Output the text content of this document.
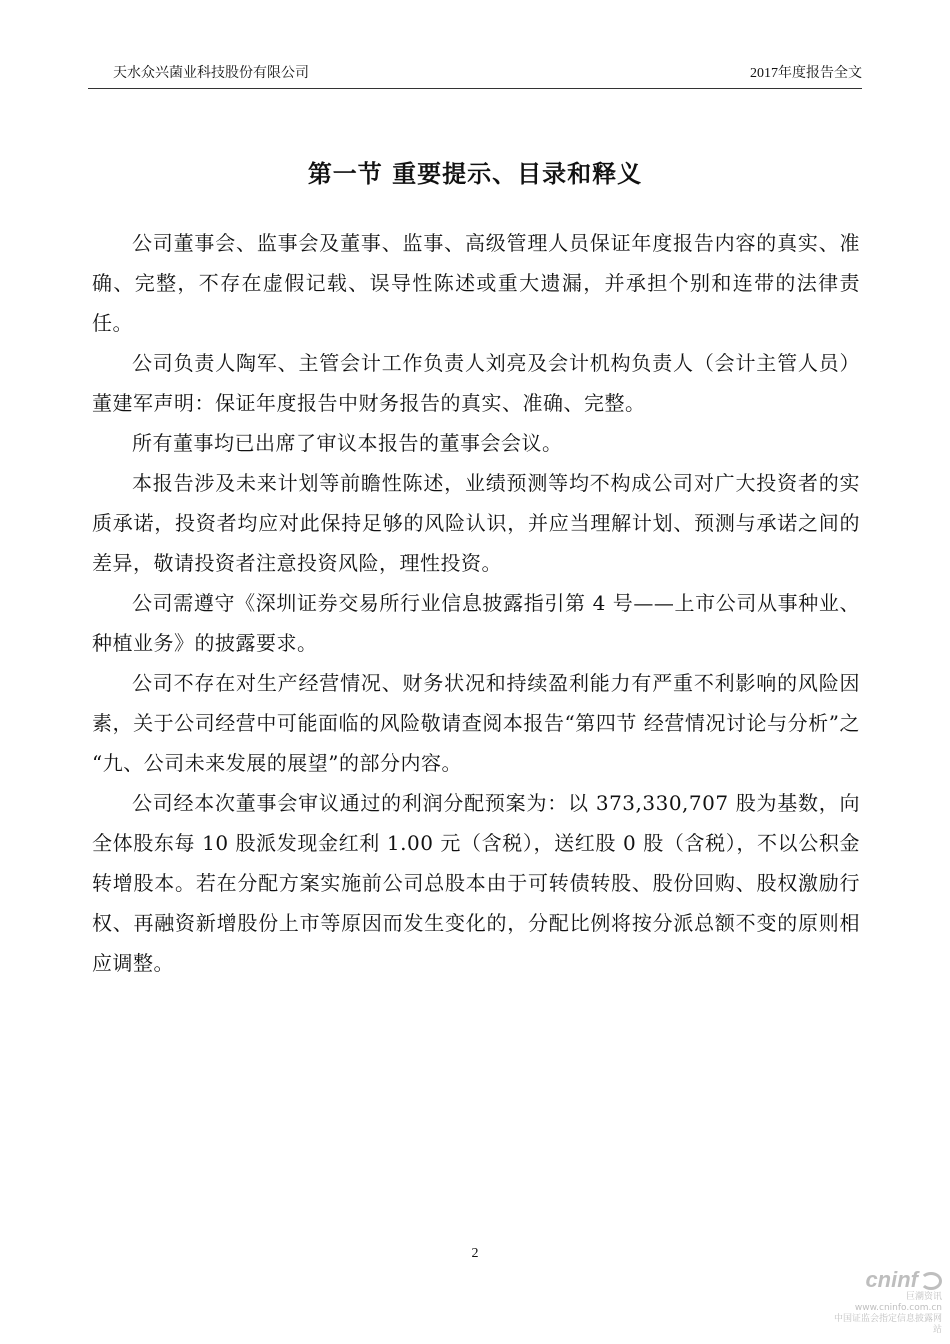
天水众兴菌业科技股份有限公司	2017年度报告全文
第一节 重要提示、目录和释义

公司董事会、监事会及董事、监事、高级管理人员保证年度报告内容的真实、准确、完整，不存在虚假记载、误导性陈述或重大遗漏，并承担个别和连带的法律责任。

公司负责人陶军、主管会计工作负责人刘亮及会计机构负责人（会计主管人员）董建军声明：保证年度报告中财务报告的真实、准确、完整。

所有董事均已出席了审议本报告的董事会会议。

本报告涉及未来计划等前瞻性陈述，业绩预测等均不构成公司对广大投资者的实质承诺，投资者均应对此保持足够的风险认识，并应当理解计划、预测与承诺之间的差异，敬请投资者注意投资风险，理性投资。

公司需遵守《深圳证券交易所行业信息披露指引第 4 号——上市公司从事种业、种植业务》的披露要求。

公司不存在对生产经营情况、财务状况和持续盈利能力有严重不利影响的风险因素，关于公司经营中可能面临的风险敬请查阅本报告“第四节 经营情况讨论与分析”之 “九、公司未来发展的展望”的部分内容。

公司经本次董事会审议通过的利润分配预案为：以 373,330,707 股为基数，向全体股东每 10 股派发现金红利 1.00 元（含税），送红股 0 股（含税），不以公积金转增股本。若在分配方案实施前公司总股本由于可转债转股、股份回购、股权激励行权、再融资新增股份上市等原因而发生变化的，分配比例将按分派总额不变的原则相应调整。

2
cninf
巨潮资讯
www.cninfo.com.cn
中国证监会指定信息披露网站
